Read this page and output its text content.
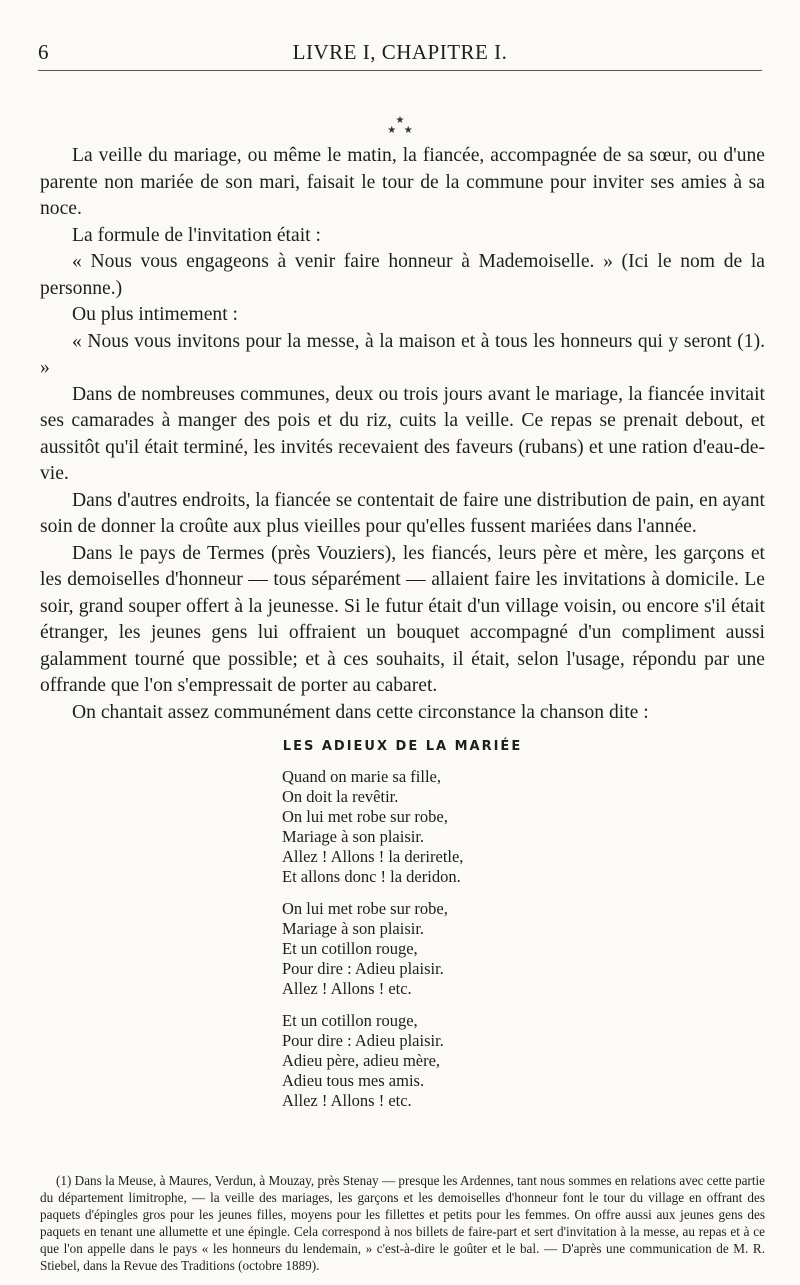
6	LIVRE I, CHAPITRE I.
★
★   ★

La veille du mariage, ou même le matin, la fiancée, accompagnée de sa sœur, ou d'une parente non mariée de son mari, faisait le tour de la commune pour inviter ses amies à sa noce.

La formule de l'invitation était :

« Nous vous engageons à venir faire honneur à Mademoiselle. » (Ici le nom de la personne.)

Ou plus intimement :

« Nous vous invitons pour la messe, à la maison et à tous les honneurs qui y seront (1). »

Dans de nombreuses communes, deux ou trois jours avant le mariage, la fiancée invitait ses camarades à manger des pois et du riz, cuits la veille. Ce repas se prenait debout, et aussitôt qu'il était terminé, les invités recevaient des faveurs (rubans) et une ration d'eau-de-vie.

Dans d'autres endroits, la fiancée se contentait de faire une distribution de pain, en ayant soin de donner la croûte aux plus vieilles pour qu'elles fussent mariées dans l'année.

Dans le pays de Termes (près Vouziers), les fiancés, leurs père et mère, les garçons et les demoiselles d'honneur — tous séparément — allaient faire les invitations à domicile. Le soir, grand souper offert à la jeunesse. Si le futur était d'un village voisin, ou encore s'il était étranger, les jeunes gens lui offraient un bouquet accompagné d'un compliment aussi galamment tourné que possible; et à ces souhaits, il était, selon l'usage, répondu par une offrande que l'on s'empressait de porter au cabaret.

On chantait assez communément dans cette circonstance la chanson dite :

LES ADIEUX DE LA MARIÉE
Quand on marie sa fille,
On doit la revêtir.
On lui met robe sur robe,
Mariage à son plaisir.
Allez ! Allons ! la deriretle,
Et allons donc ! la deridon.
On lui met robe sur robe,
Mariage à son plaisir.
Et un cotillon rouge,
Pour dire : Adieu plaisir.
Allez ! Allons ! etc.
Et un cotillon rouge,
Pour dire : Adieu plaisir.
Adieu père, adieu mère,
Adieu tous mes amis.
Allez ! Allons ! etc.

(1) Dans la Meuse, à Maures, Verdun, à Mouzay, près Stenay — presque les Ardennes, tant nous sommes en relations avec cette partie du département limitrophe, — la veille des mariages, les garçons et les demoiselles d'honneur font le tour du village en offrant des paquets d'épingles gros pour les jeunes filles, moyens pour les fillettes et petits pour les femmes. On offre aussi aux jeunes gens des paquets en tenant une allumette et une épingle. Cela correspond à nos billets de faire-part et sert d'invitation à la messe, au repas et à ce que l'on appelle dans le pays « les honneurs du lendemain, » c'est-à-dire le goûter et le bal. — D'après une communication de M. R. Stiebel, dans la Revue des Traditions (octobre 1889).
